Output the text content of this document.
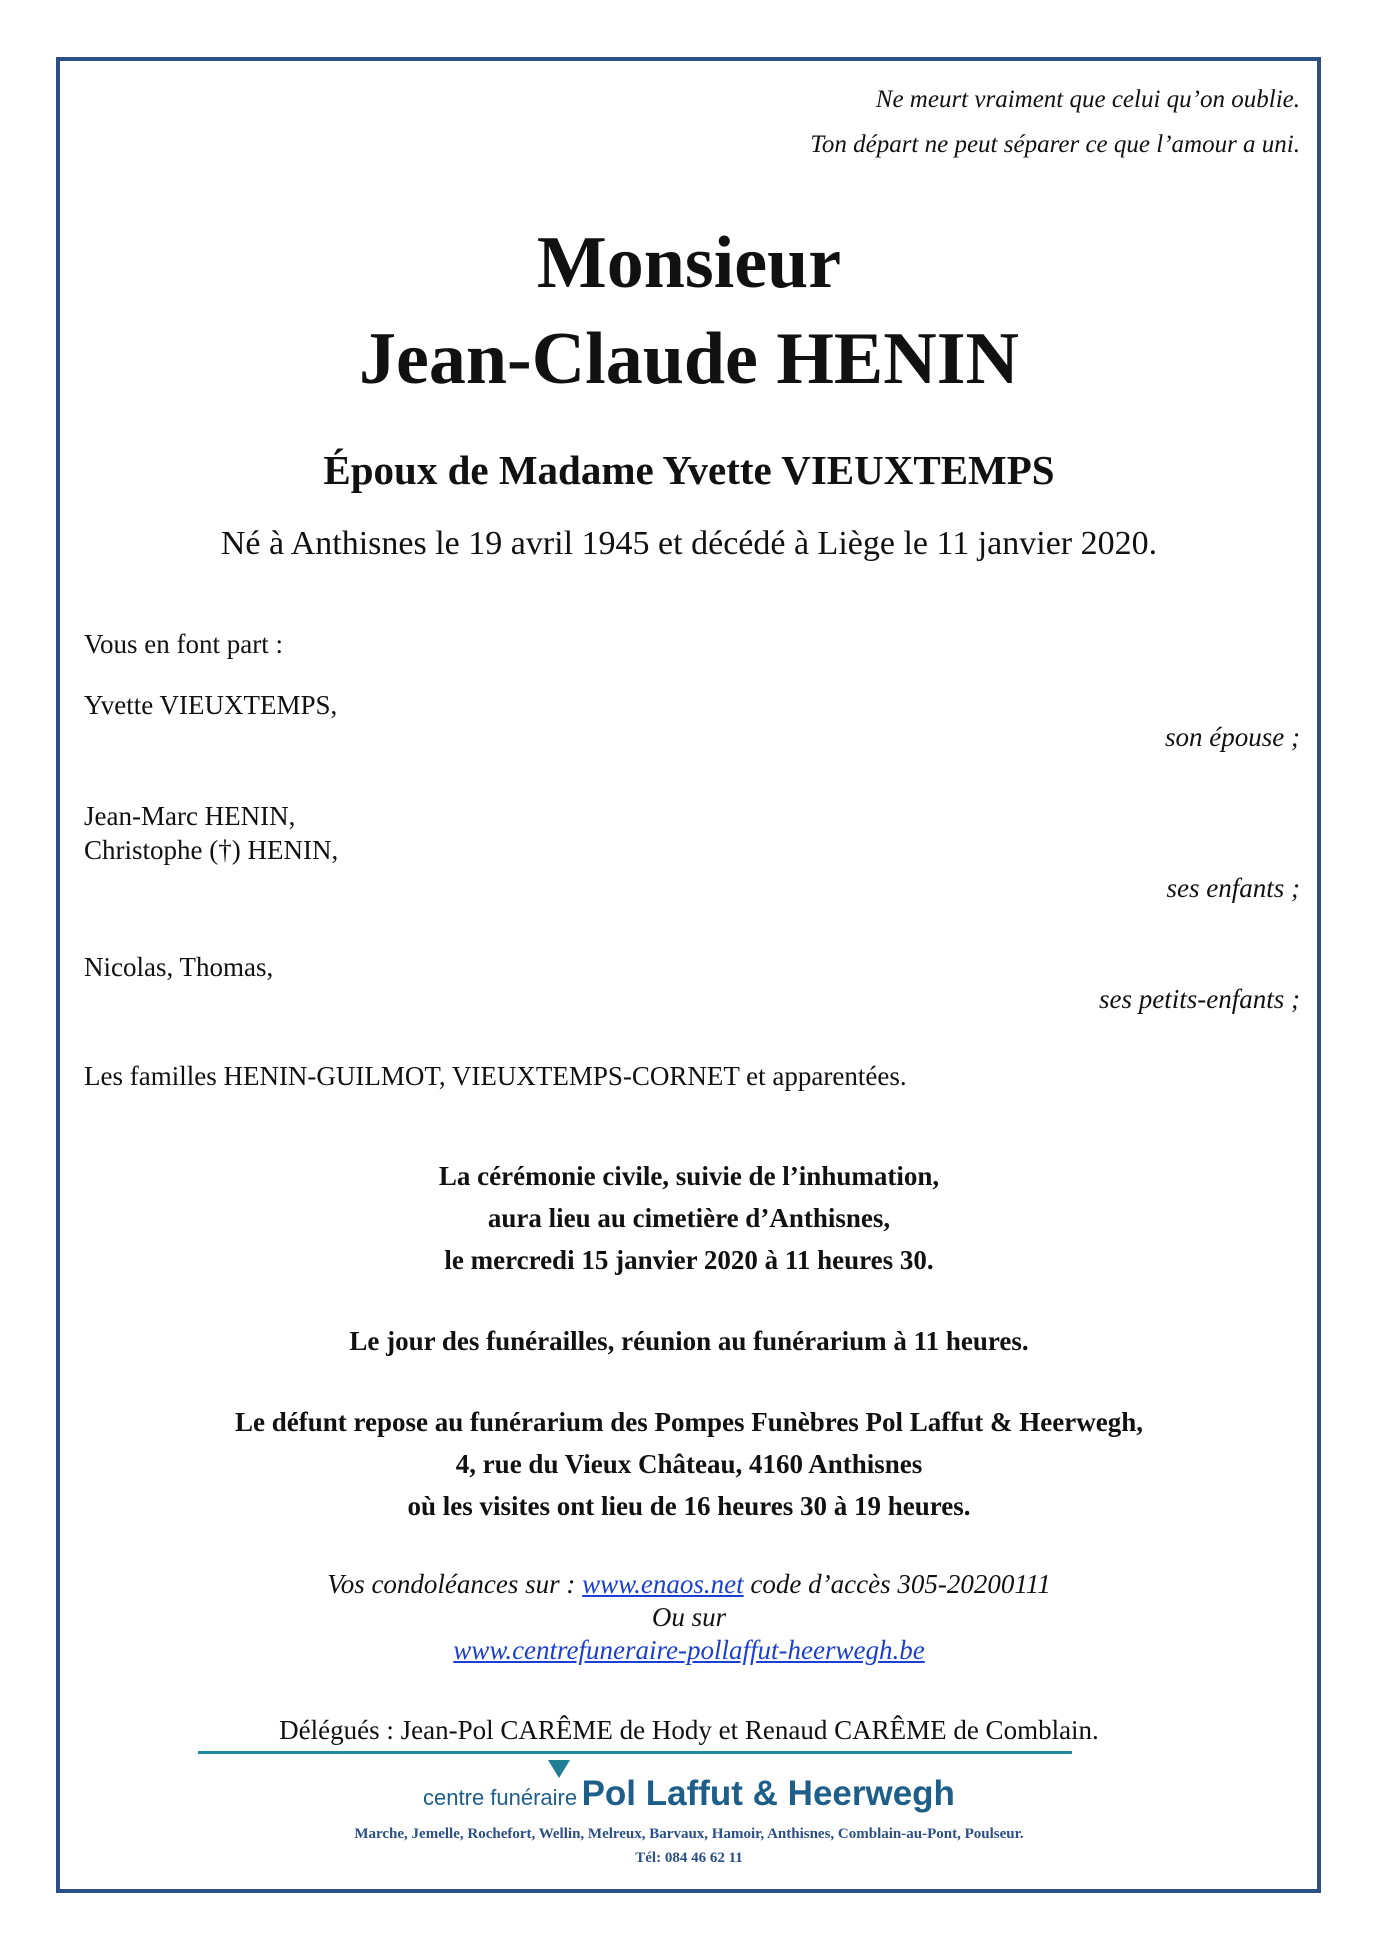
Ne meurt vraiment que celui qu’on oublie.
Ton départ ne peut séparer ce que l’amour a uni.
Monsieur
Jean-Claude HENIN
Époux de Madame Yvette VIEUXTEMPS
Né à Anthisnes le 19 avril 1945 et décédé à Liège le 11 janvier 2020.
Vous en font part :
Yvette VIEUXTEMPS,
son épouse ;
Jean-Marc HENIN,
Christophe (†) HENIN,
ses enfants ;
Nicolas, Thomas,
ses petits-enfants ;
Les familles HENIN-GUILMOT, VIEUXTEMPS-CORNET et apparentées.
La cérémonie civile, suivie de l’inhumation,
aura lieu au cimetière d’Anthisnes,
le mercredi 15 janvier 2020 à 11 heures 30.
Le jour des funérailles, réunion au funérarium à 11 heures.
Le défunt repose au funérarium des Pompes Funèbres Pol Laffut & Heerwegh,
4, rue du Vieux Château, 4160 Anthisnes
où les visites ont lieu de 16 heures 30 à 19 heures.
Vos condoléances sur : www.enaos.net code d’accès 305-20200111
Ou sur
www.centrefuneraire-pollaffut-heerwegh.be
Délégués : Jean-Pol CARÊME de Hody et Renaud CARÊME de Comblain.
centre funéraire Pol Laffut & Heerwegh
Marche, Jemelle, Rochefort, Wellin, Melreux, Barvaux, Hamoir, Anthisnes, Comblain-au-Pont, Poulseur.
Tél: 084 46 62 11
